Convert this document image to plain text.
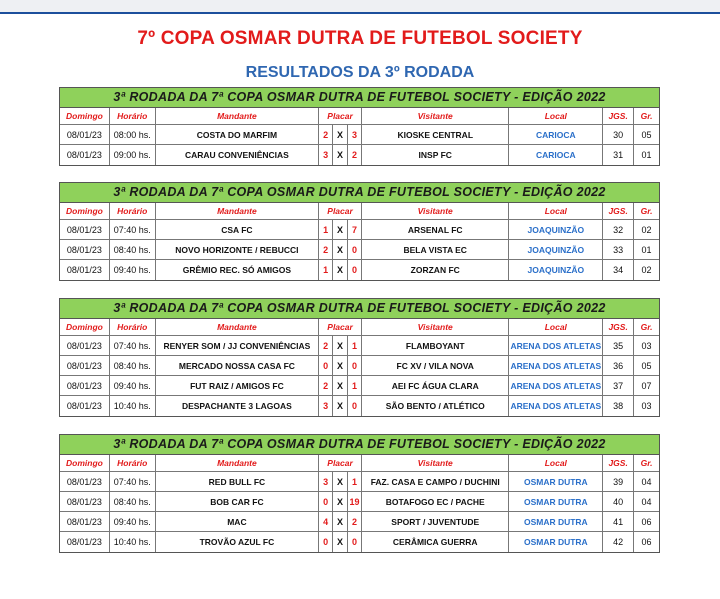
7º COPA OSMAR DUTRA DE FUTEBOL SOCIETY
RESULTADOS DA 3º RODADA
3ª RODADA DA 7ª COPA OSMAR DUTRA DE FUTEBOL SOCIETY - EDIÇÃO 2022
Domingo	Horário	Mandante	Placar	Visitante	Local	JGS.	Gr.
08/01/23	08:00 hs.	COSTA DO MARFIM	2 X 3	KIOSKE CENTRAL	CARIOCA	30	05
08/01/23	09:00 hs.	CARAU CONVENIÊNCIAS	3 X 2	INSP FC	CARIOCA	31	01
3ª RODADA DA 7ª COPA OSMAR DUTRA DE FUTEBOL SOCIETY - EDIÇÃO 2022
Domingo	Horário	Mandante	Placar	Visitante	Local	JGS.	Gr.
08/01/23	07:40 hs.	CSA FC	1 X 7	ARSENAL FC	JOAQUINZÃO	32	02
08/01/23	08:40 hs.	NOVO HORIZONTE / REBUCCI	2 X 0	BELA VISTA EC	JOAQUINZÃO	33	01
08/01/23	09:40 hs.	GRÊMIO REC. SÓ AMIGOS	1 X 0	ZORZAN FC	JOAQUINZÃO	34	02
3ª RODADA DA 7ª COPA OSMAR DUTRA DE FUTEBOL SOCIETY - EDIÇÃO 2022
Domingo	Horário	Mandante	Placar	Visitante	Local	JGS.	Gr.
08/01/23	07:40 hs.	RENYER SOM / JJ CONVENIÊNCIAS	2 X 1	FLAMBOYANT	ARENA DOS ATLETAS	35	03
08/01/23	08:40 hs.	MERCADO NOSSA CASA FC	0 X 0	FC XV / VILA NOVA	ARENA DOS ATLETAS	36	05
08/01/23	09:40 hs.	FUT RAIZ / AMIGOS FC	2 X 1	AEI FC ÁGUA CLARA	ARENA DOS ATLETAS	37	07
08/01/23	10:40 hs.	DESPACHANTE 3 LAGOAS	3 X 0	SÃO BENTO / ATLÉTICO	ARENA DOS ATLETAS	38	03
3ª RODADA DA 7ª COPA OSMAR DUTRA DE FUTEBOL SOCIETY - EDIÇÃO 2022
Domingo	Horário	Mandante	Placar	Visitante	Local	JGS.	Gr.
08/01/23	07:40 hs.	RED BULL FC	3 X 1	FAZ. CASA E CAMPO / DUCHINI	OSMAR DUTRA	39	04
08/01/23	08:40 hs.	BOB CAR FC	0 X 19	BOTAFOGO EC / PACHE	OSMAR DUTRA	40	04
08/01/23	09:40 hs.	MAC	4 X 2	SPORT / JUVENTUDE	OSMAR DUTRA	41	06
08/01/23	10:40 hs.	TROVÃO AZUL FC	0 X 0	CERÂMICA GUERRA	OSMAR DUTRA	42	06
